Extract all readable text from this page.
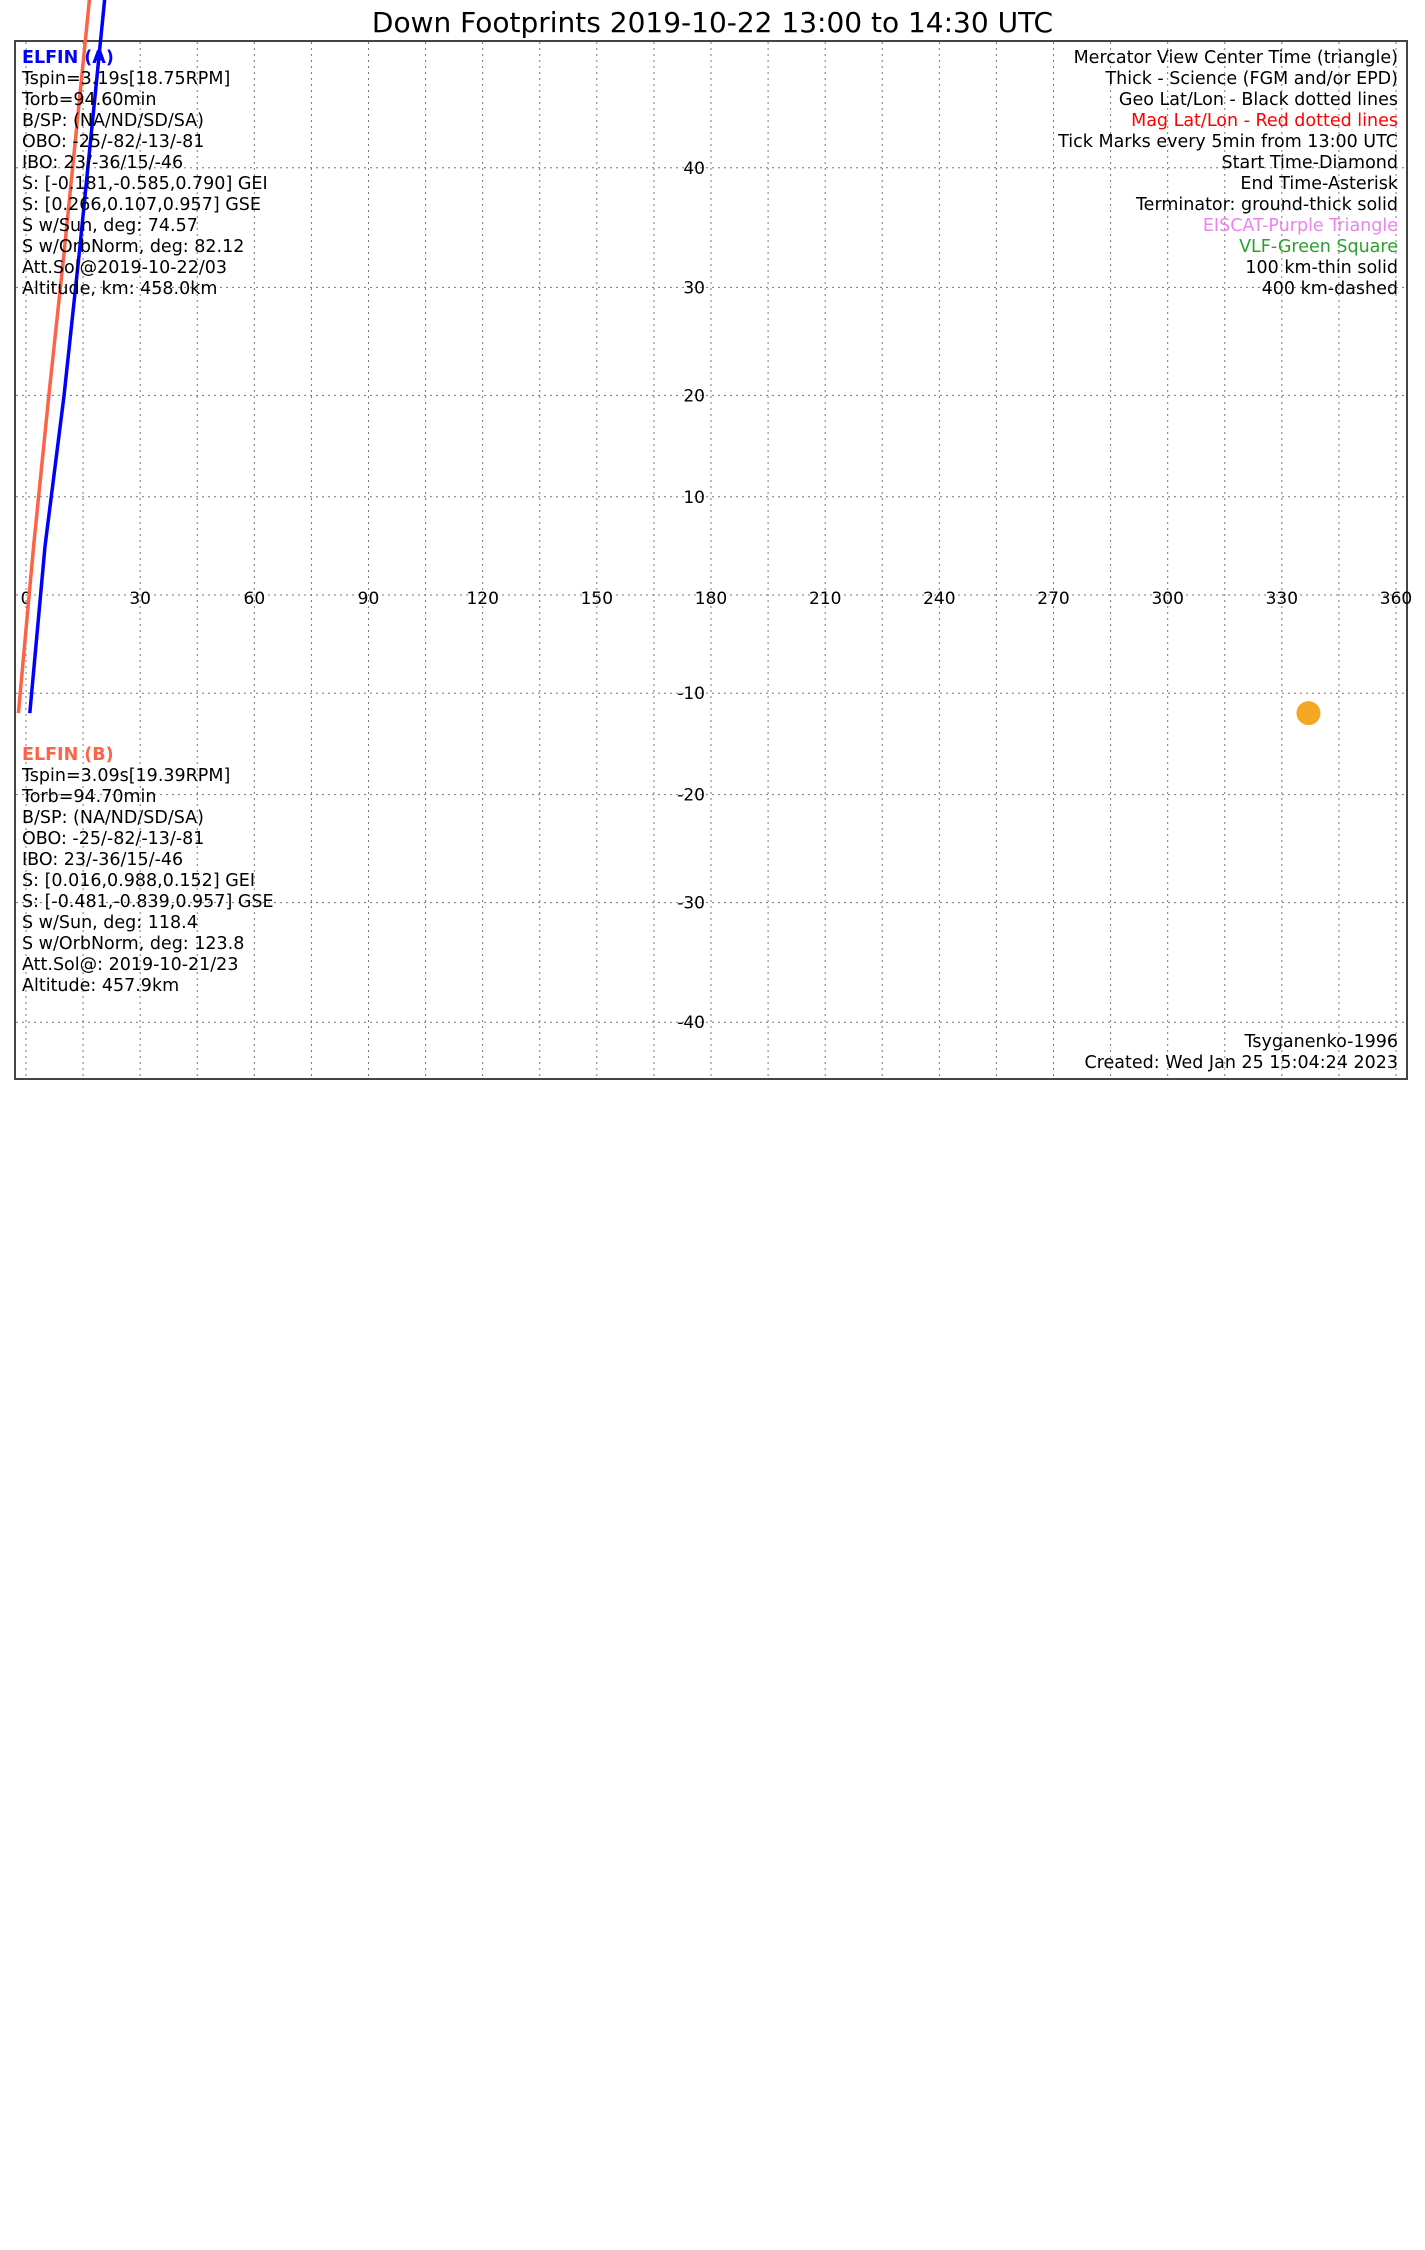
Down Footprints 2019-10-22 13:00 to 14:30 UTC
0	30	60	90	120	150	180	210	240	270	300	330	360
40
30
20
10
-10
-20
-30
-40
ELFIN (A)
Tspin=3.19s[18.75RPM]
Torb=94.60min
B/SP: (NA/ND/SD/SA)
OBO: -25/-82/-13/-81
IBO: 23/-36/15/-46
S: [-0.181,-0.585,0.790] GEI
S: [0.266,0.107,0.957] GSE
S w/Sun, deg: 74.57
S w/OrbNorm, deg: 82.12
Att.Sol@2019-10-22/03
Altitude, km: 458.0km
ELFIN (B)
Tspin=3.09s[19.39RPM]
Torb=94.70min
B/SP: (NA/ND/SD/SA)
OBO: -25/-82/-13/-81
IBO: 23/-36/15/-46
S: [0.016,0.988,0.152] GEI
S: [-0.481,-0.839,0.957] GSE
S w/Sun, deg: 118.4
S w/OrbNorm, deg: 123.8
Att.Sol@: 2019-10-21/23
Altitude: 457.9km
Mercator View Center Time (triangle)
Thick - Science (FGM and/or EPD)
Geo Lat/Lon - Black dotted lines
Mag Lat/Lon - Red dotted lines
Tick Marks every 5min from 13:00 UTC
Start Time-Diamond
End Time-Asterisk
Terminator: ground-thick solid
EISCAT-Purple Triangle
VLF-Green Square
100 km-thin solid
400 km-dashed
Tsyganenko-1996
Created: Wed Jan 25 15:04:24 2023
